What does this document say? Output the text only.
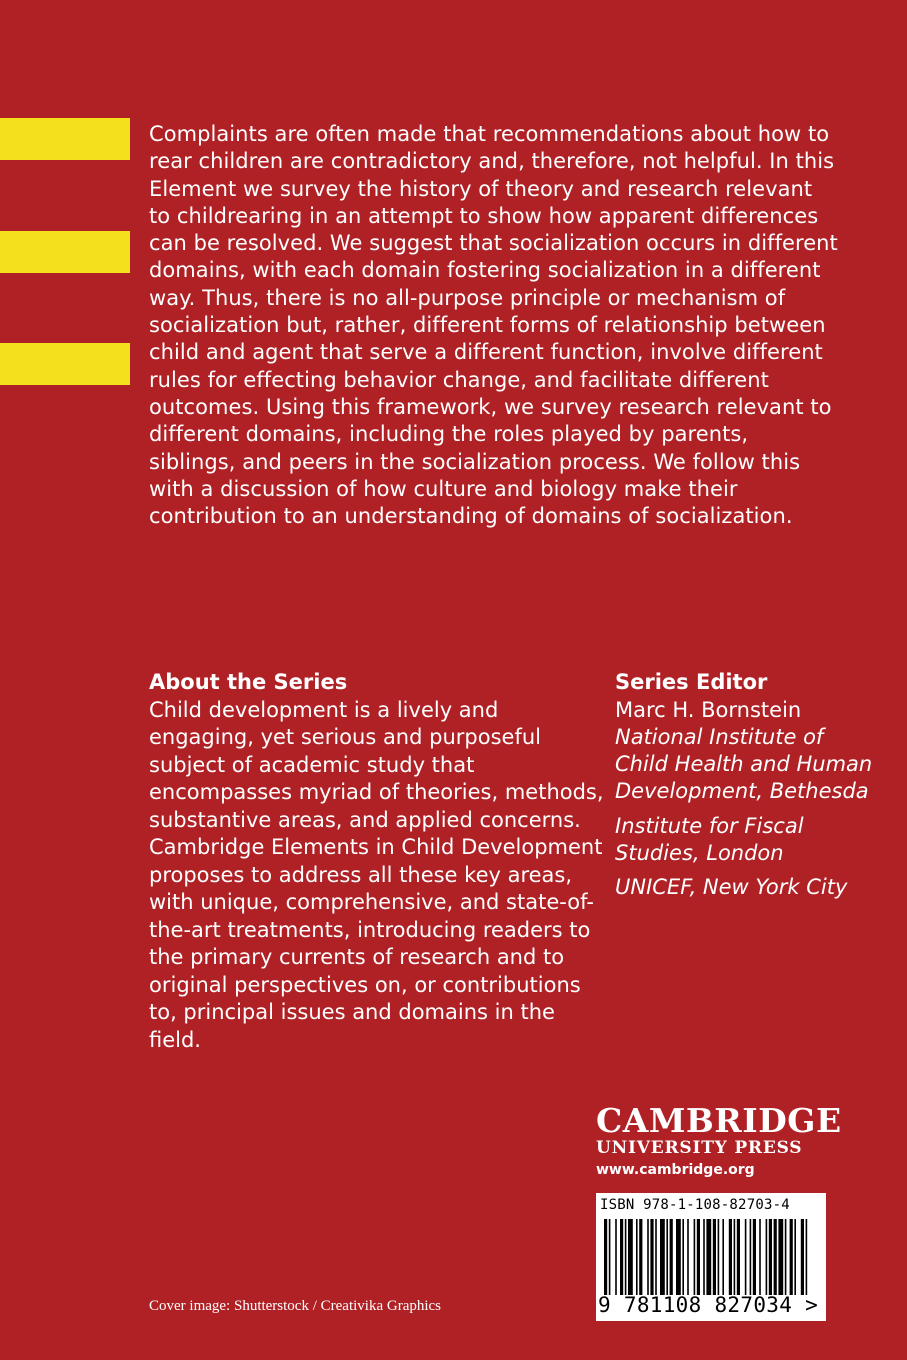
Complaints are often made that recommendations about how to rear children are contradictory and, therefore, not helpful. In this Element we survey the history of theory and research relevant to childrearing in an attempt to show how apparent differences can be resolved. We suggest that socialization occurs in different domains, with each domain fostering socialization in a different way. Thus, there is no all-purpose principle or mechanism of socialization but, rather, different forms of relationship between child and agent that serve a different function, involve different rules for effecting behavior change, and facilitate different outcomes. Using this framework, we survey research relevant to different domains, including the roles played by parents, siblings, and peers in the socialization process. We follow this with a discussion of how culture and biology make their contribution to an understanding of domains of socialization.

About the Series

Child development is a lively and engaging, yet serious and purposeful subject of academic study that encompasses myriad of theories, methods, substantive areas, and applied concerns. Cambridge Elements in Child Development proposes to address all these key areas, with unique, comprehensive, and state-of-the-art treatments, introducing readers to the primary currents of research and to original perspectives on, or contributions to, principal issues and domains in the field.

Series Editor

Marc H. Bornstein

National Institute of Child Health and Human Development, Bethesda

Institute for Fiscal Studies, London

UNICEF, New York City

CAMBRIDGE
UNIVERSITY PRESS
www.cambridge.org
ISBN 978-1-108-82703-4
9 781108 827034 >
Cover image: Shutterstock / Creativika Graphics
